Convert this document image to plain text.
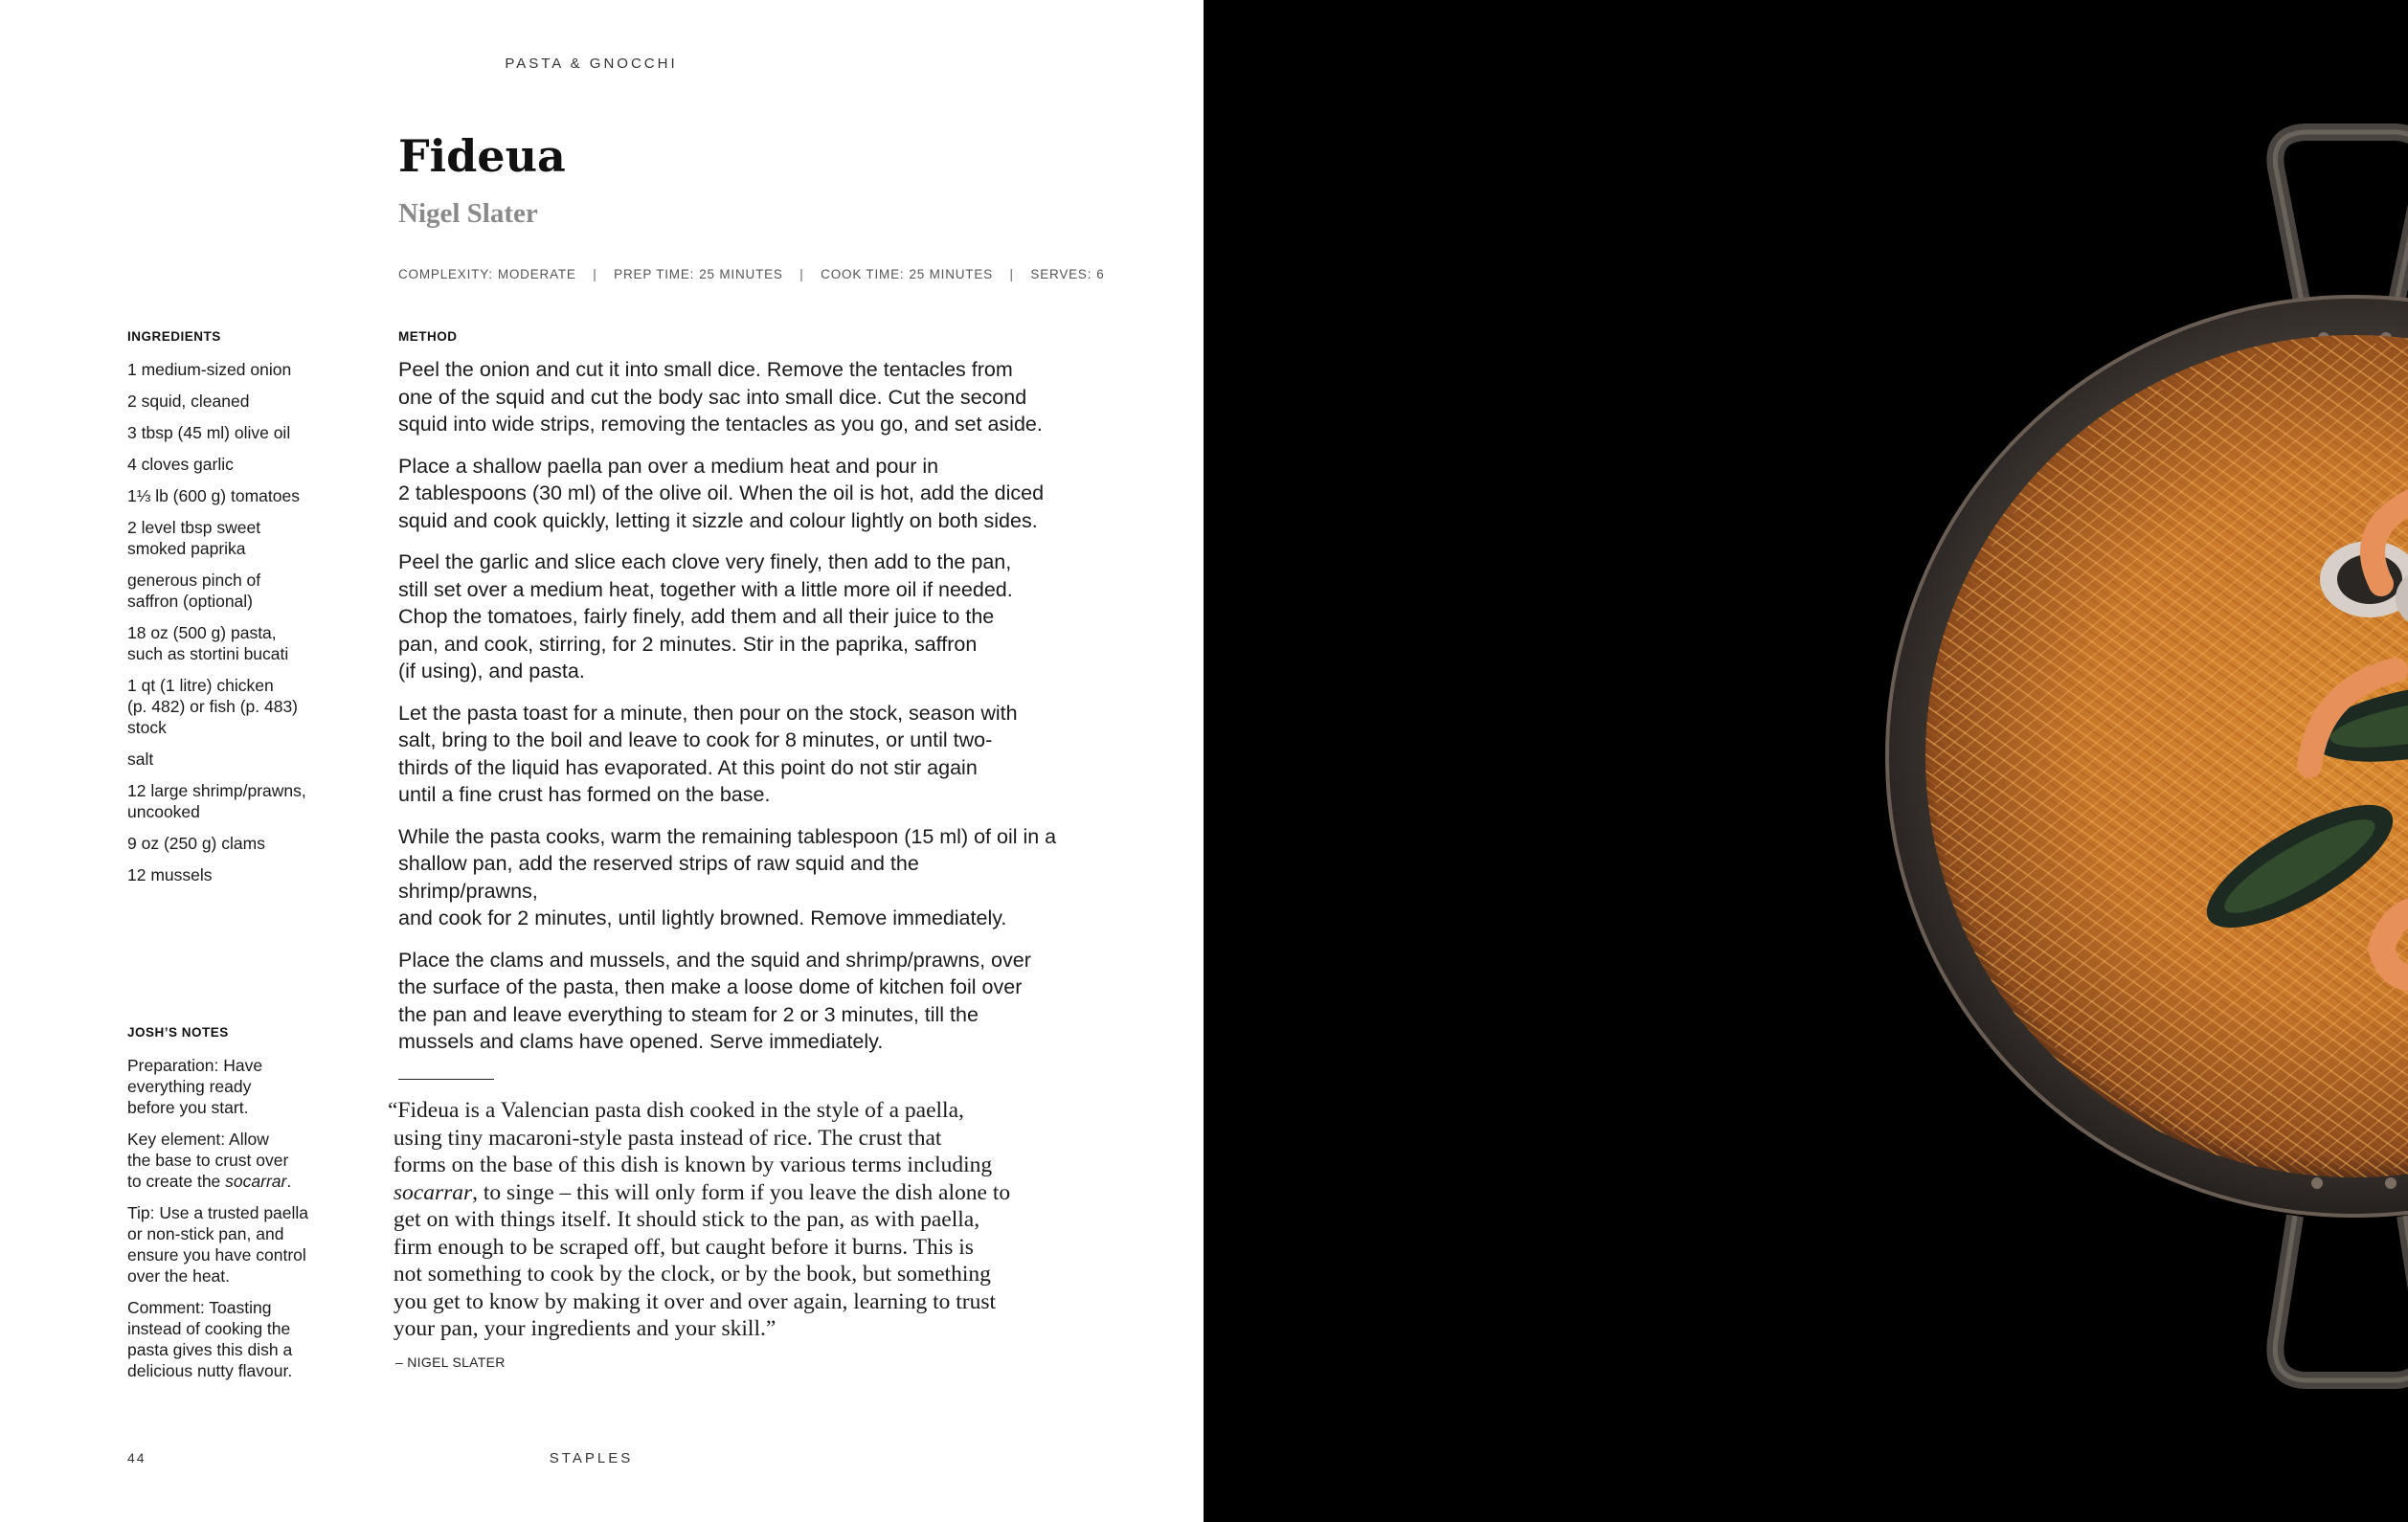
PASTA & GNOCCHI
Fideua
Nigel Slater
COMPLEXITY: MODERATE | PREP TIME: 25 MINUTES | COOK TIME: 25 MINUTES | SERVES: 6
INGREDIENTS
1 medium-sized onion
2 squid, cleaned
3 tbsp (45 ml) olive oil
4 cloves garlic
1⅓ lb (600 g) tomatoes
2 level tbsp sweet
smoked paprika
generous pinch of
saffron (optional)
18 oz (500 g) pasta,
such as stortini bucati
1 qt (1 litre) chicken
(p. 482) or fish (p. 483)
stock
salt
12 large shrimp/prawns,
uncooked
9 oz (250 g) clams
12 mussels
JOSH’S NOTES
Preparation: Have
everything ready
before you start.
Key element: Allow
the base to crust over
to create the socarrar.
Tip: Use a trusted paella
or non-stick pan, and
ensure you have control
over the heat.
Comment: Toasting
instead of cooking the
pasta gives this dish a
delicious nutty flavour.
METHOD

Peel the onion and cut it into small dice. Remove the tentacles from
one of the squid and cut the body sac into small dice. Cut the second
squid into wide strips, removing the tentacles as you go, and set aside.

Place a shallow paella pan over a medium heat and pour in
2 tablespoons (30 ml) of the olive oil. When the oil is hot, add the diced
squid and cook quickly, letting it sizzle and colour lightly on both sides.

Peel the garlic and slice each clove very finely, then add to the pan,
still set over a medium heat, together with a little more oil if needed.
Chop the tomatoes, fairly finely, add them and all their juice to the
pan, and cook, stirring, for 2 minutes. Stir in the paprika, saffron
(if using), and pasta.

Let the pasta toast for a minute, then pour on the stock, season with
salt, bring to the boil and leave to cook for 8 minutes, or until two-
thirds of the liquid has evaporated. At this point do not stir again
until a fine crust has formed on the base.

While the pasta cooks, warm the remaining tablespoon (15 ml) of oil in a
shallow pan, add the reserved strips of raw squid and the shrimp/prawns,
and cook for 2 minutes, until lightly browned. Remove immediately.

Place the clams and mussels, and the squid and shrimp/prawns, over
the surface of the pasta, then make a loose dome of kitchen foil over
the pan and leave everything to steam for 2 or 3 minutes, till the
mussels and clams have opened. Serve immediately.

“Fideua is a Valencian pasta dish cooked in the style of a paella,
using tiny macaroni-style pasta instead of rice. The crust that
forms on the base of this dish is known by various terms including
socarrar, to singe – this will only form if you leave the dish alone to
get on with things itself. It should stick to the pan, as with paella,
firm enough to be scraped off, but caught before it burns. This is
not something to cook by the clock, or by the book, but something
you get to know by making it over and over again, learning to trust
your pan, your ingredients and your skill.”

– NIGEL SLATER
44	STAPLES
